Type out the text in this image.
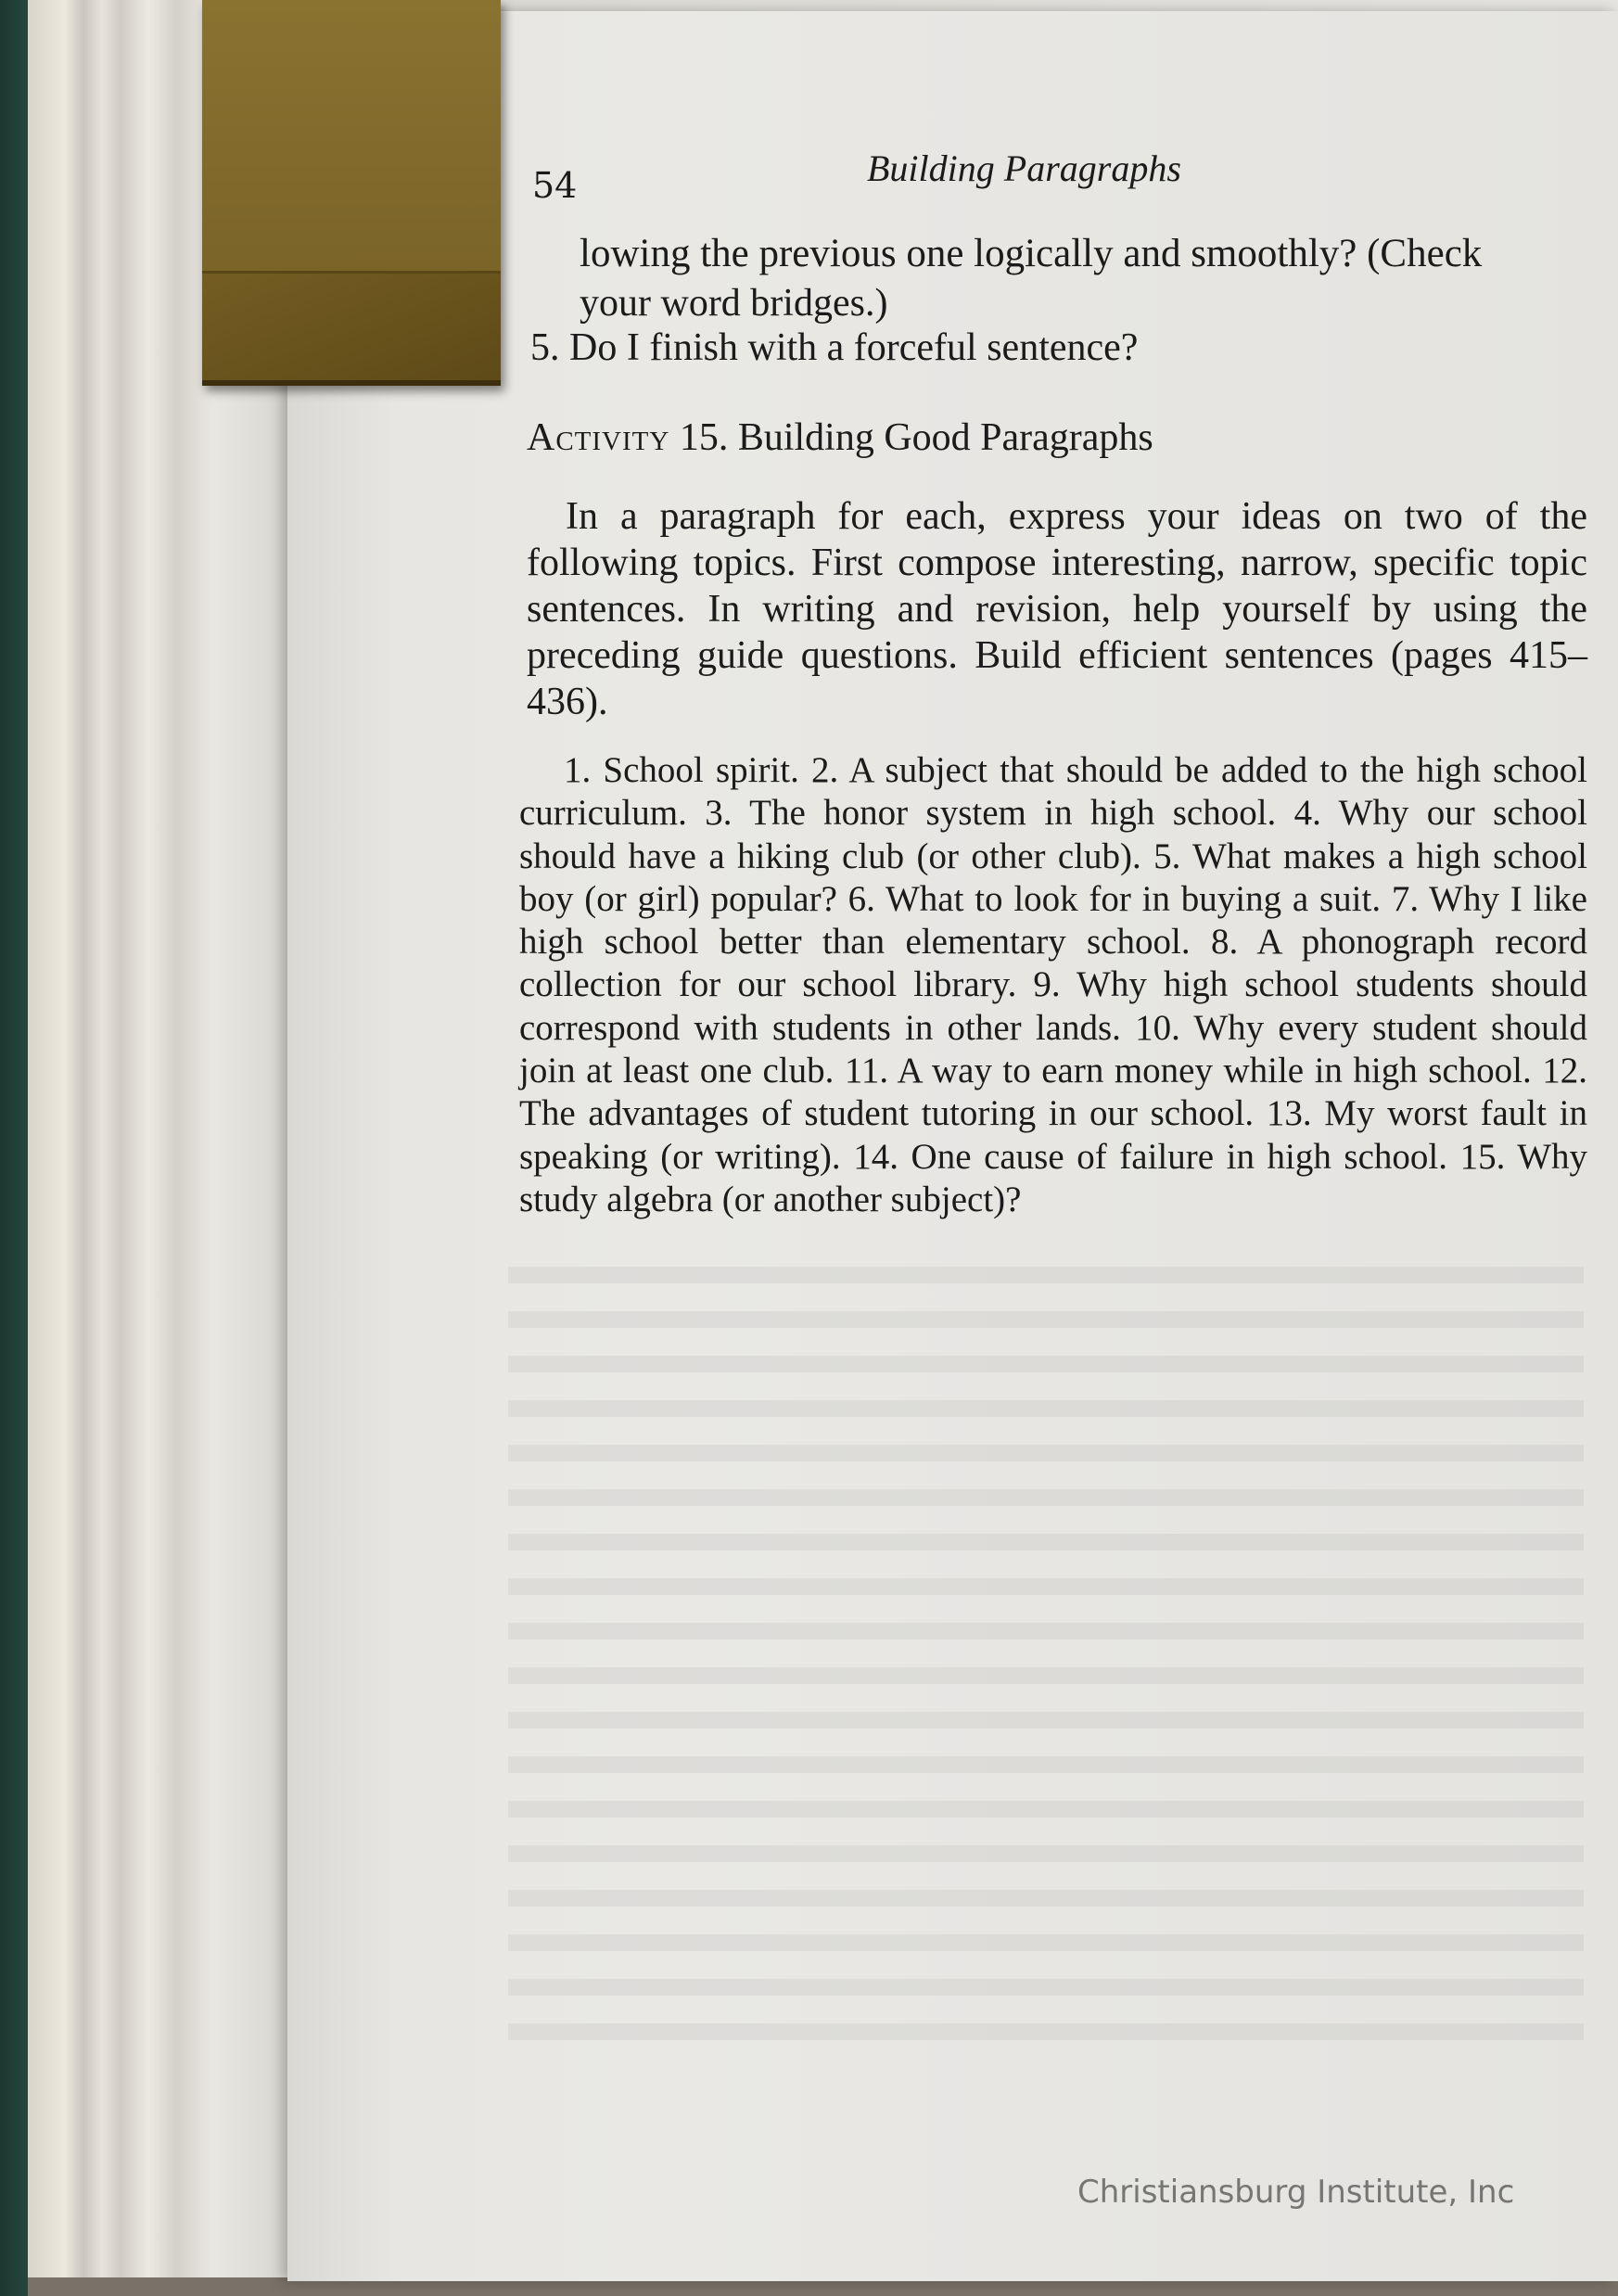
54	Building Paragraphs
lowing the previous one logically and smoothly? (Check
your word bridges.)
5. Do I finish with a forceful sentence?
Activity 15. Building Good Paragraphs

In a paragraph for each, express your ideas on two of the following topics. First compose interesting, narrow, specific topic sentences. In writing and revision, help yourself by using the preceding guide questions. Build efficient sentences (pages 415–436).

1. School spirit. 2. A subject that should be added to the high school curriculum. 3. The honor system in high school. 4. Why our school should have a hiking club (or other club). 5. What makes a high school boy (or girl) popular? 6. What to look for in buying a suit. 7. Why I like high school better than elementary school. 8. A phonograph record collection for our school library. 9. Why high school students should correspond with students in other lands. 10. Why every student should join at least one club. 11. A way to earn money while in high school. 12. The advantages of student tutoring in our school. 13. My worst fault in speaking (or writing). 14. One cause of failure in high school. 15. Why study algebra (or another subject)?

Christiansburg Institute, Inc
